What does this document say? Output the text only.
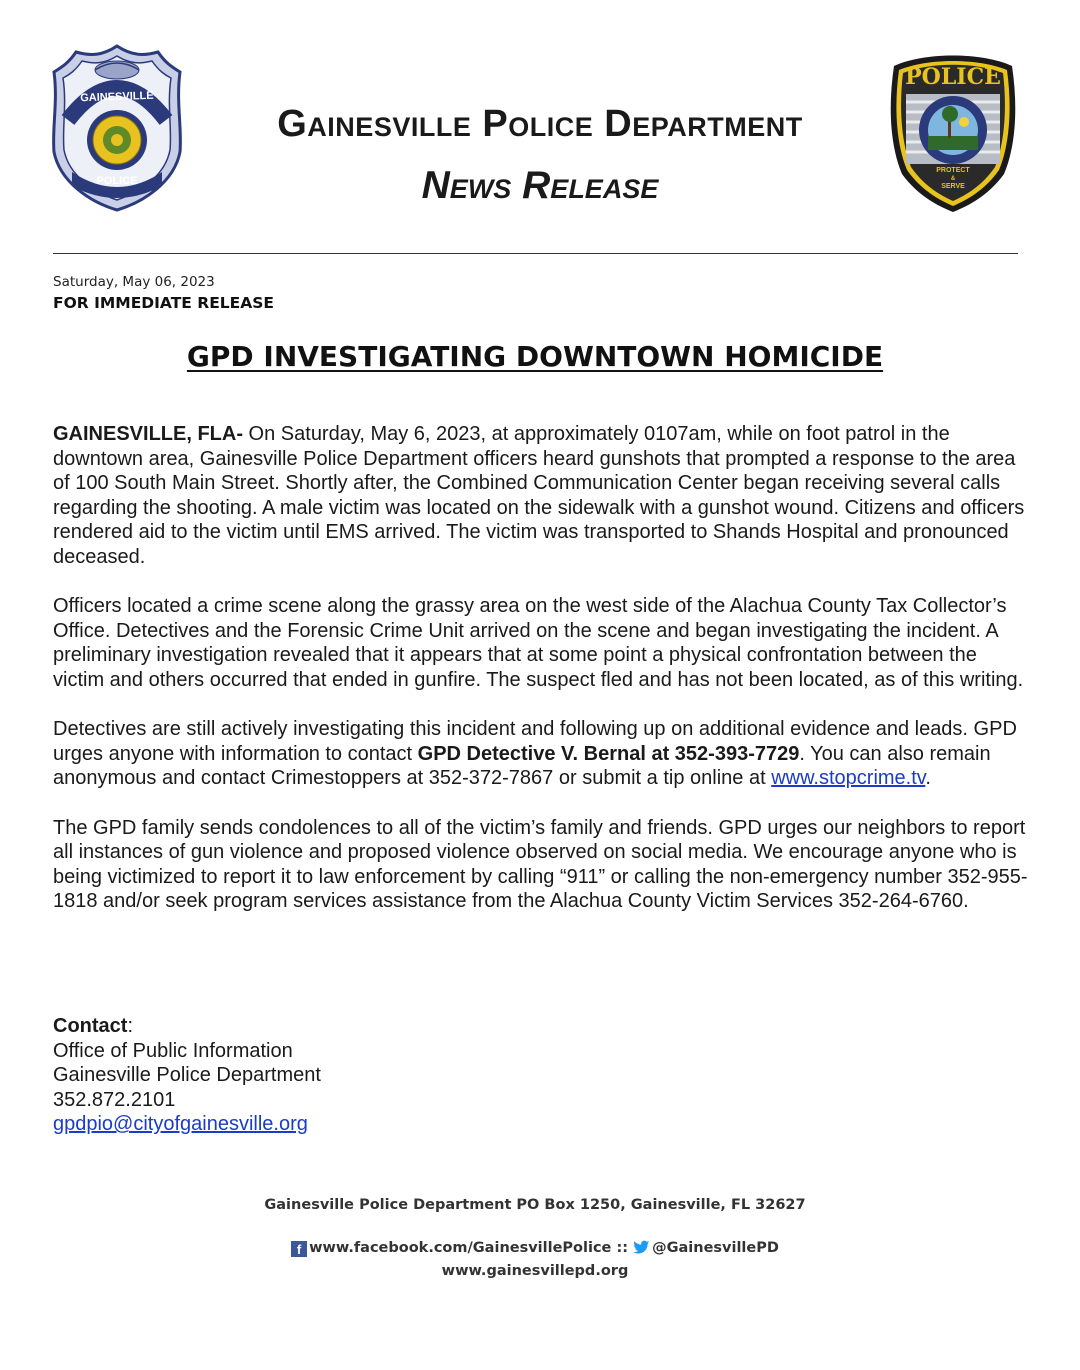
GAINESVILLE
POLICE
Gainesville Police Department
News Release
POLICE
PROTECT
&
SERVE
Saturday, May 06, 2023
FOR IMMEDIATE RELEASE
GPD INVESTIGATING DOWNTOWN HOMICIDE

GAINESVILLE, FLA- On Saturday, May 6, 2023, at approximately 0107am, while on foot patrol in the downtown area, Gainesville Police Department officers heard gunshots that prompted a response to the area of 100 South Main Street. Shortly after, the Combined Communication Center began receiving several calls regarding the shooting. A male victim was located on the sidewalk with a gunshot wound. Citizens and officers rendered aid to the victim until EMS arrived. The victim was transported to Shands Hospital and pronounced deceased.

Officers located a crime scene along the grassy area on the west side of the Alachua County Tax Collector’s Office. Detectives and the Forensic Crime Unit arrived on the scene and began investigating the incident. A preliminary investigation revealed that it appears that at some point a physical confrontation between the victim and others occurred that ended in gunfire. The suspect fled and has not been located, as of this writing.

Detectives are still actively investigating this incident and following up on additional evidence and leads. GPD urges anyone with information to contact GPD Detective V. Bernal at 352-393-7729. You can also remain anonymous and contact Crimestoppers at 352-372-7867 or submit a tip online at www.stopcrime.tv.

The GPD family sends condolences to all of the victim’s family and friends. GPD urges our neighbors to report all instances of gun violence and proposed violence observed on social media. We encourage anyone who is being victimized to report it to law enforcement by calling “911” or calling the non-emergency number 352-955-1818 and/or seek program services assistance from the Alachua County Victim Services 352-264-6760.

Contact:
Office of Public Information
Gainesville Police Department
352.872.2101
gpdpio@cityofgainesville.org
Gainesville Police Department PO Box 1250, Gainesville, FL 32627
f www.facebook.com/GainesvillePolice :: @GainesvillePD
www.gainesvillepd.org
